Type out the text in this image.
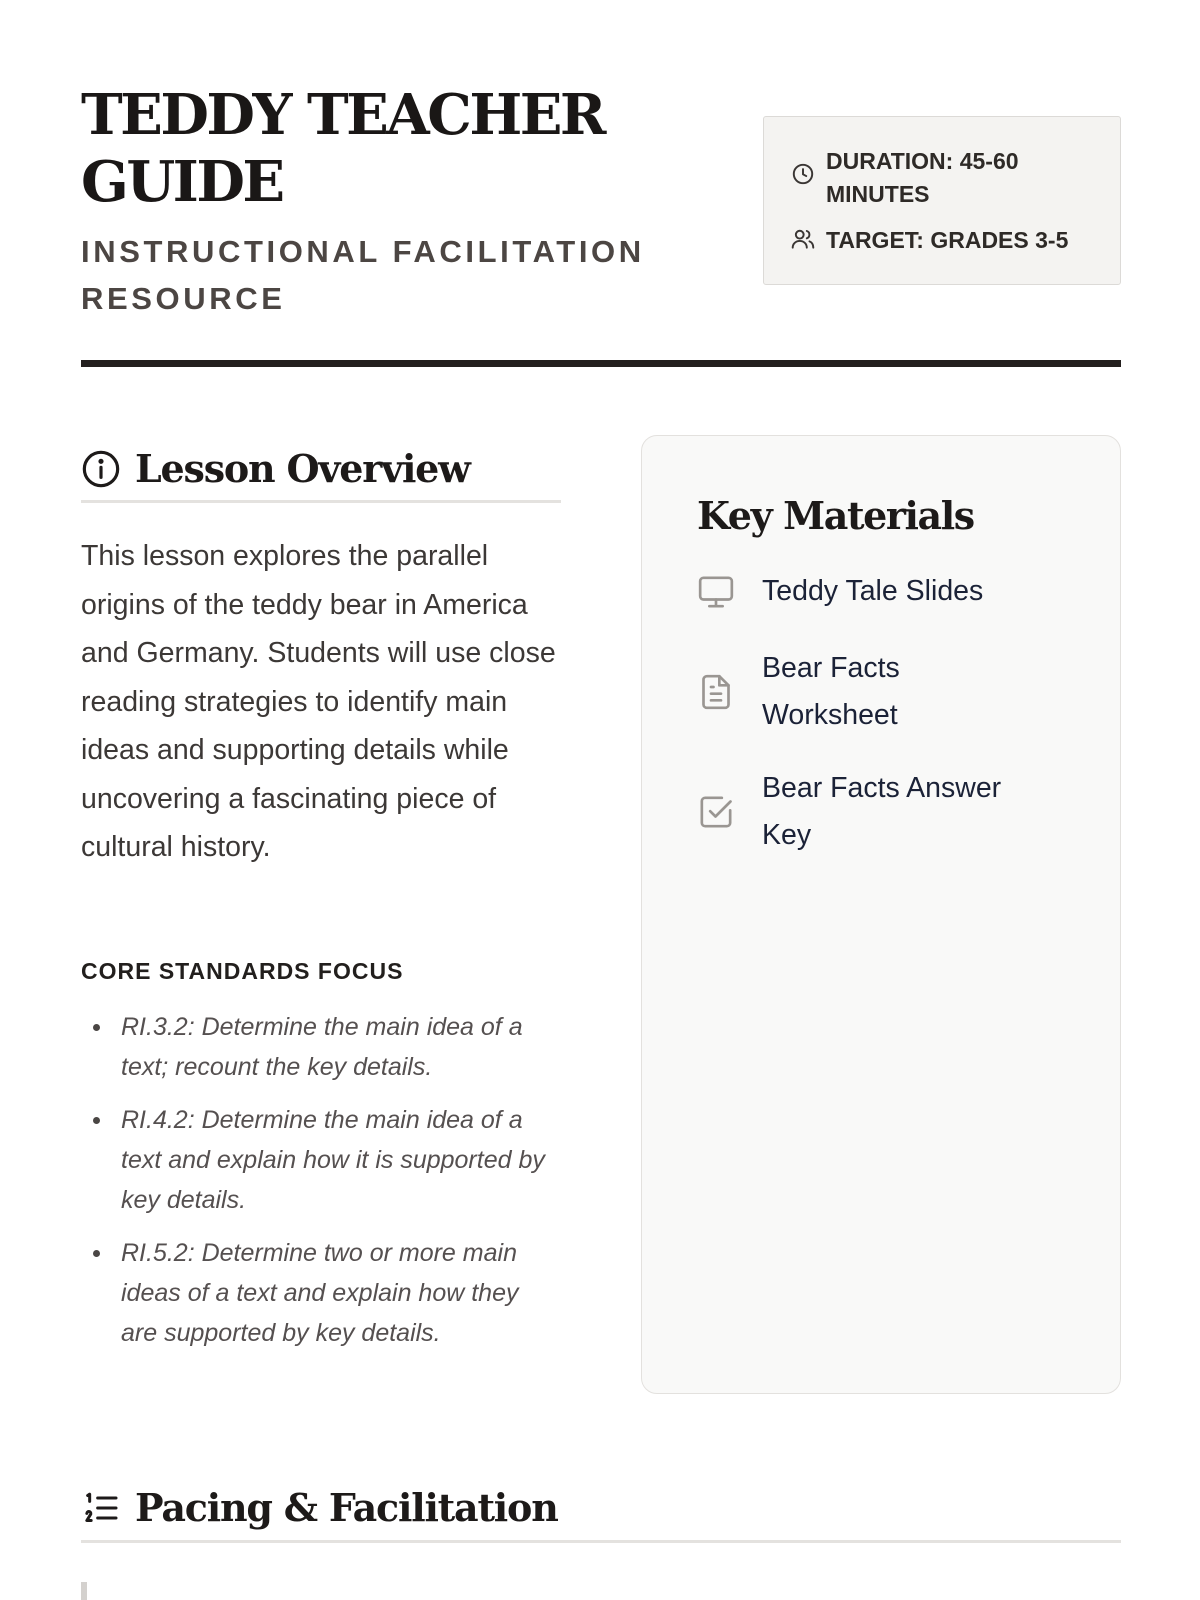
TEDDY TEACHER GUIDE
INSTRUCTIONAL FACILITATION RESOURCE
DURATION: 45-60 MINUTES
TARGET: GRADES 3-5
Lesson Overview

This lesson explores the parallel origins of the teddy bear in America and Germany. Students will use close reading strategies to identify main ideas and supporting details while uncovering a fascinating piece of cultural history.

CORE STANDARDS FOCUS
RI.3.2: Determine the main idea of a text; recount the key details.
RI.4.2: Determine the main idea of a text and explain how it is supported by key details.
RI.5.2: Determine two or more main ideas of a text and explain how they are supported by key details.
Key Materials
Teddy Tale Slides
Bear Facts Worksheet
Bear Facts Answer Key
Pacing & Facilitation
